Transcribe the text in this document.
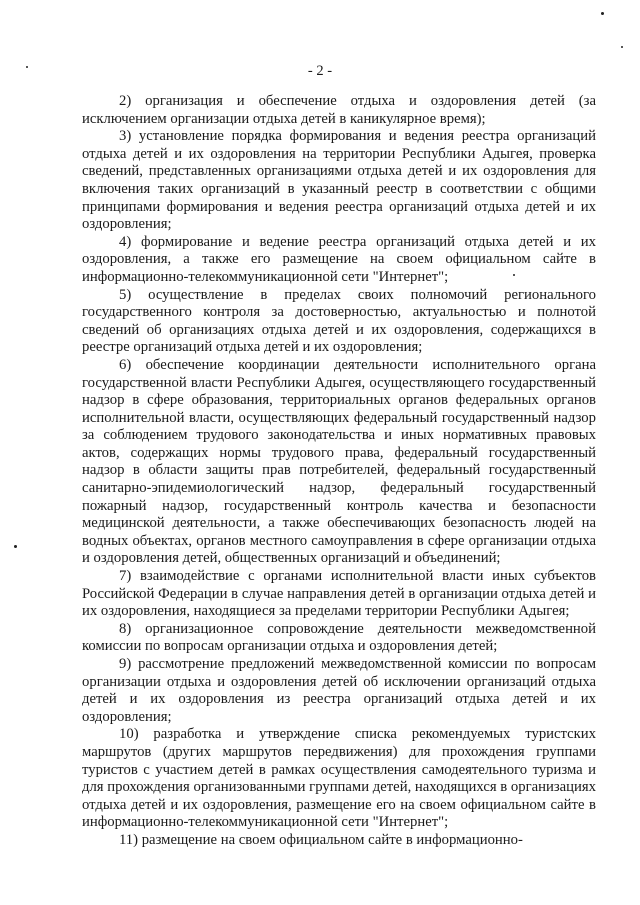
- 2 -

2) организация и обеспечение отдыха и оздоровления детей (за исключением организации отдыха детей в каникулярное время);

3) установление порядка формирования и ведения реестра организаций отдыха детей и их оздоровления на территории Республики Адыгея, проверка сведений, представленных организациями отдыха детей и их оздоровления для включения таких организаций в указанный реестр в соответствии с общими принципами формирования и ведения реестра организаций отдыха детей и их оздоровления;

4) формирование и ведение реестра организаций отдыха детей и их оздоровления, а также его размещение на своем официальном сайте в информационно-телекоммуникационной сети "Интернет";

5) осуществление в пределах своих полномочий регионального государственного контроля за достоверностью, актуальностью и полнотой сведений об организациях отдыха детей и их оздоровления, содержащихся в реестре организаций отдыха детей и их оздоровления;

6) обеспечение координации деятельности исполнительного органа государственной власти Республики Адыгея, осуществляющего государственный надзор в сфере образования, территориальных органов федеральных органов исполнительной власти, осуществляющих федеральный государственный надзор за соблюдением трудового законодательства и иных нормативных правовых актов, содержащих нормы трудового права, федеральный государственный надзор в области защиты прав потребителей, федеральный государственный санитарно-эпидемиологический надзор, федеральный государственный пожарный надзор, государственный контроль качества и безопасности медицинской деятельности, а также обеспечивающих безопасность людей на водных объектах, органов местного самоуправления в сфере организации отдыха и оздоровления детей, общественных организаций и объединений;

7) взаимодействие с органами исполнительной власти иных субъектов Российской Федерации в случае направления детей в организации отдыха детей и их оздоровления, находящиеся за пределами территории Республики Адыгея;

8) организационное сопровождение деятельности межведомственной комиссии по вопросам организации отдыха и оздоровления детей;

9) рассмотрение предложений межведомственной комиссии по вопросам организации отдыха и оздоровления детей об исключении организаций отдыха детей и их оздоровления из реестра организаций отдыха детей и их оздоровления;

10) разработка и утверждение списка рекомендуемых туристских маршрутов (других маршрутов передвижения) для прохождения группами туристов с участием детей в рамках осуществления самодеятельного туризма и для прохождения организованными группами детей, находящихся в организациях отдыха детей и их оздоровления, размещение его на своем официальном сайте в информационно-телекоммуникационной сети "Интернет";

11) размещение на своем официальном сайте в информационно-
